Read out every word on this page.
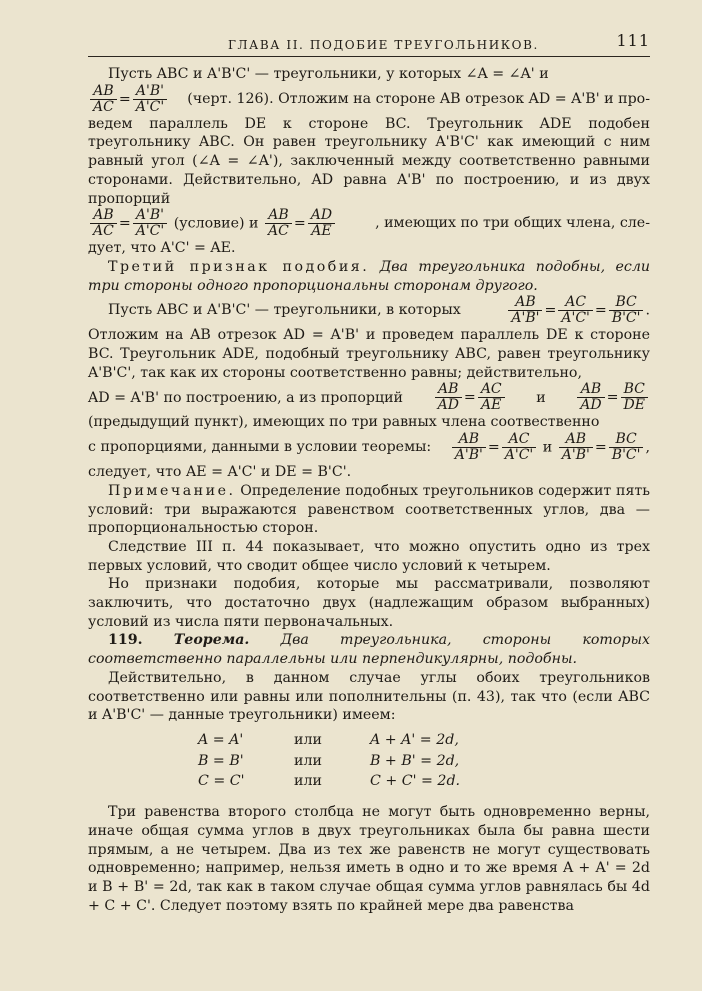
ГЛАВА II. ПОДОБИЕ ТРЕУГОЛЬНИКОВ.	111

Пусть ABC и A'B'C' — треугольники, у которых ∠A = ∠A' и

$\frac{AB}{AC} = \frac{A'B'}{A'C'}$ (черт. 126). Отложим на стороне AB отрезок AD = A'B' и про-

ведем параллель DE к стороне BC. Треугольник ADE подобен треугольнику ABC. Он равен треугольнику A'B'C' как имеющий с ним равный угол (∠A = ∠A'), заключенный между соответственно равными сторонами. Действительно, AD равна A'B' по построению, и из двух пропорций

$\frac{AB}{AC} = \frac{A'B'}{A'C'}$ (условие) и $\frac{AB}{AC} = \frac{AD}{AE}$	, имеющих по три общих члена, сле-

дует, что A'C' = AE.

Третий признак подобия. Два треугольника подобны, если три стороны одного пропорциональны сторонам другого.

Пусть ABC и A'B'C' — треугольники, в которых	$\frac{AB}{A'B'} = \frac{AC}{A'C'} = \frac{BC}{B'C'}$ .

Отложим на AB отрезок AD = A'B' и проведем параллель DE к стороне BC. Треугольник ADE, подобный треугольнику ABC, равен треугольнику A'B'C', так как их стороны соответственно равны; действительно,

AD = A'B' по построению, а из пропорций $\frac{AB}{AD} = \frac{AC}{AE}$ и $\frac{AB}{AD} = \frac{BC}{DE}$

(предыдущий пункт), имеющих по три равных члена соотвественно

с пропорциями, данными в условии теоремы: $\frac{AB}{A'B'} = \frac{AC}{A'C'}$ и $\frac{AB}{A'B'} = \frac{BC}{B'C'}$ ,

следует, что AE = A'C' и DE = B'C'.

Примечание. Определение подобных треугольников содержит пять условий: три выражаются равенством соответственных углов, два — пропорциональностью сторон.

Следствие III п. 44 показывает, что можно опустить одно из трех первых условий, что сводит общее число условий к четырем.

Но признаки подобия, которые мы рассматривали, позволяют заключить, что достаточно двух (надлежащим образом выбранных) условий из числа пяти первоначальных.

119. Теорема. Два треугольника, стороны которых соответственно параллельны или перпендикулярны, подобны.

Действительно, в данном случае углы обоих треугольников соответственно или равны или пополнительны (п. 43), так что (если ABC и A'B'C' — данные треугольники) имеем:

A = A'	или	A + A' = 2d,
B = B'	или	B + B' = 2d,
C = C'	или	C + C' = 2d.

Три равенства второго столбца не могут быть одновременно верны, иначе общая сумма углов в двух треугольниках была бы равна шести прямым, а не четырем. Два из тех же равенств не могут существовать одновременно; например, нельзя иметь в одно и то же время A + A' = 2d и B + B' = 2d, так как в таком случае общая сумма углов равнялась бы 4d + C + C'. Следует поэтому взять по крайней мере два равенства
